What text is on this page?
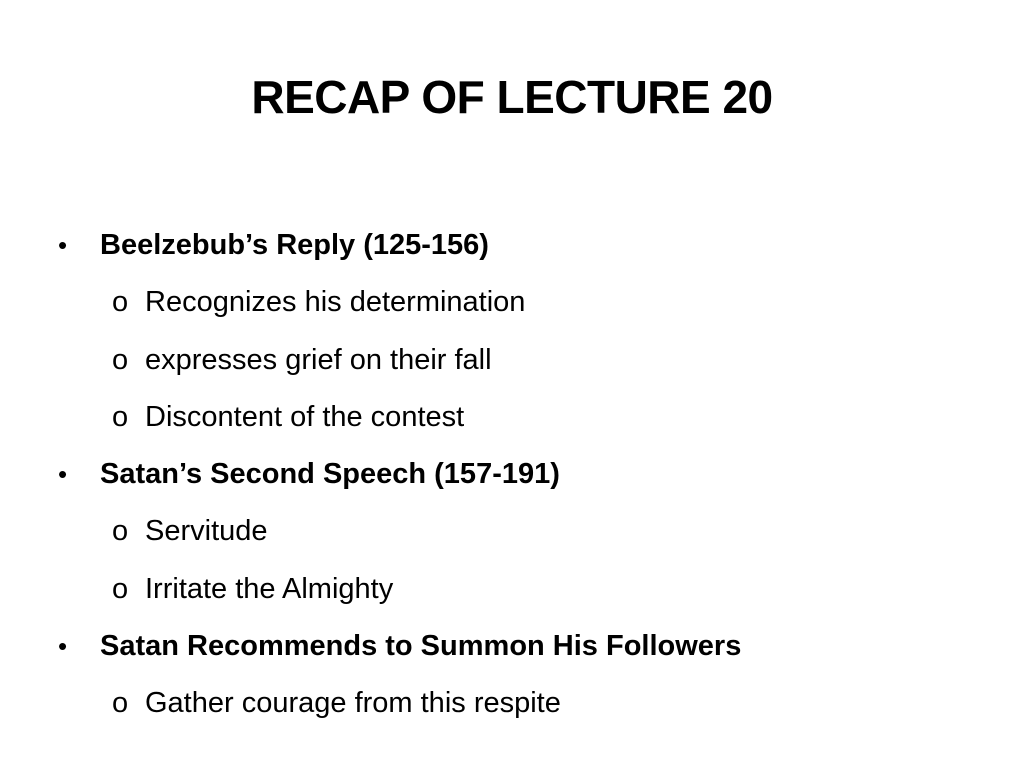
RECAP OF LECTURE 20
• Beelzebub’s Reply (125-156)
o Recognizes his determination
o expresses grief on their fall
o Discontent of the contest
• Satan’s Second Speech (157-191)
o Servitude
o Irritate the Almighty
• Satan Recommends to Summon His Followers
o Gather courage from this respite
